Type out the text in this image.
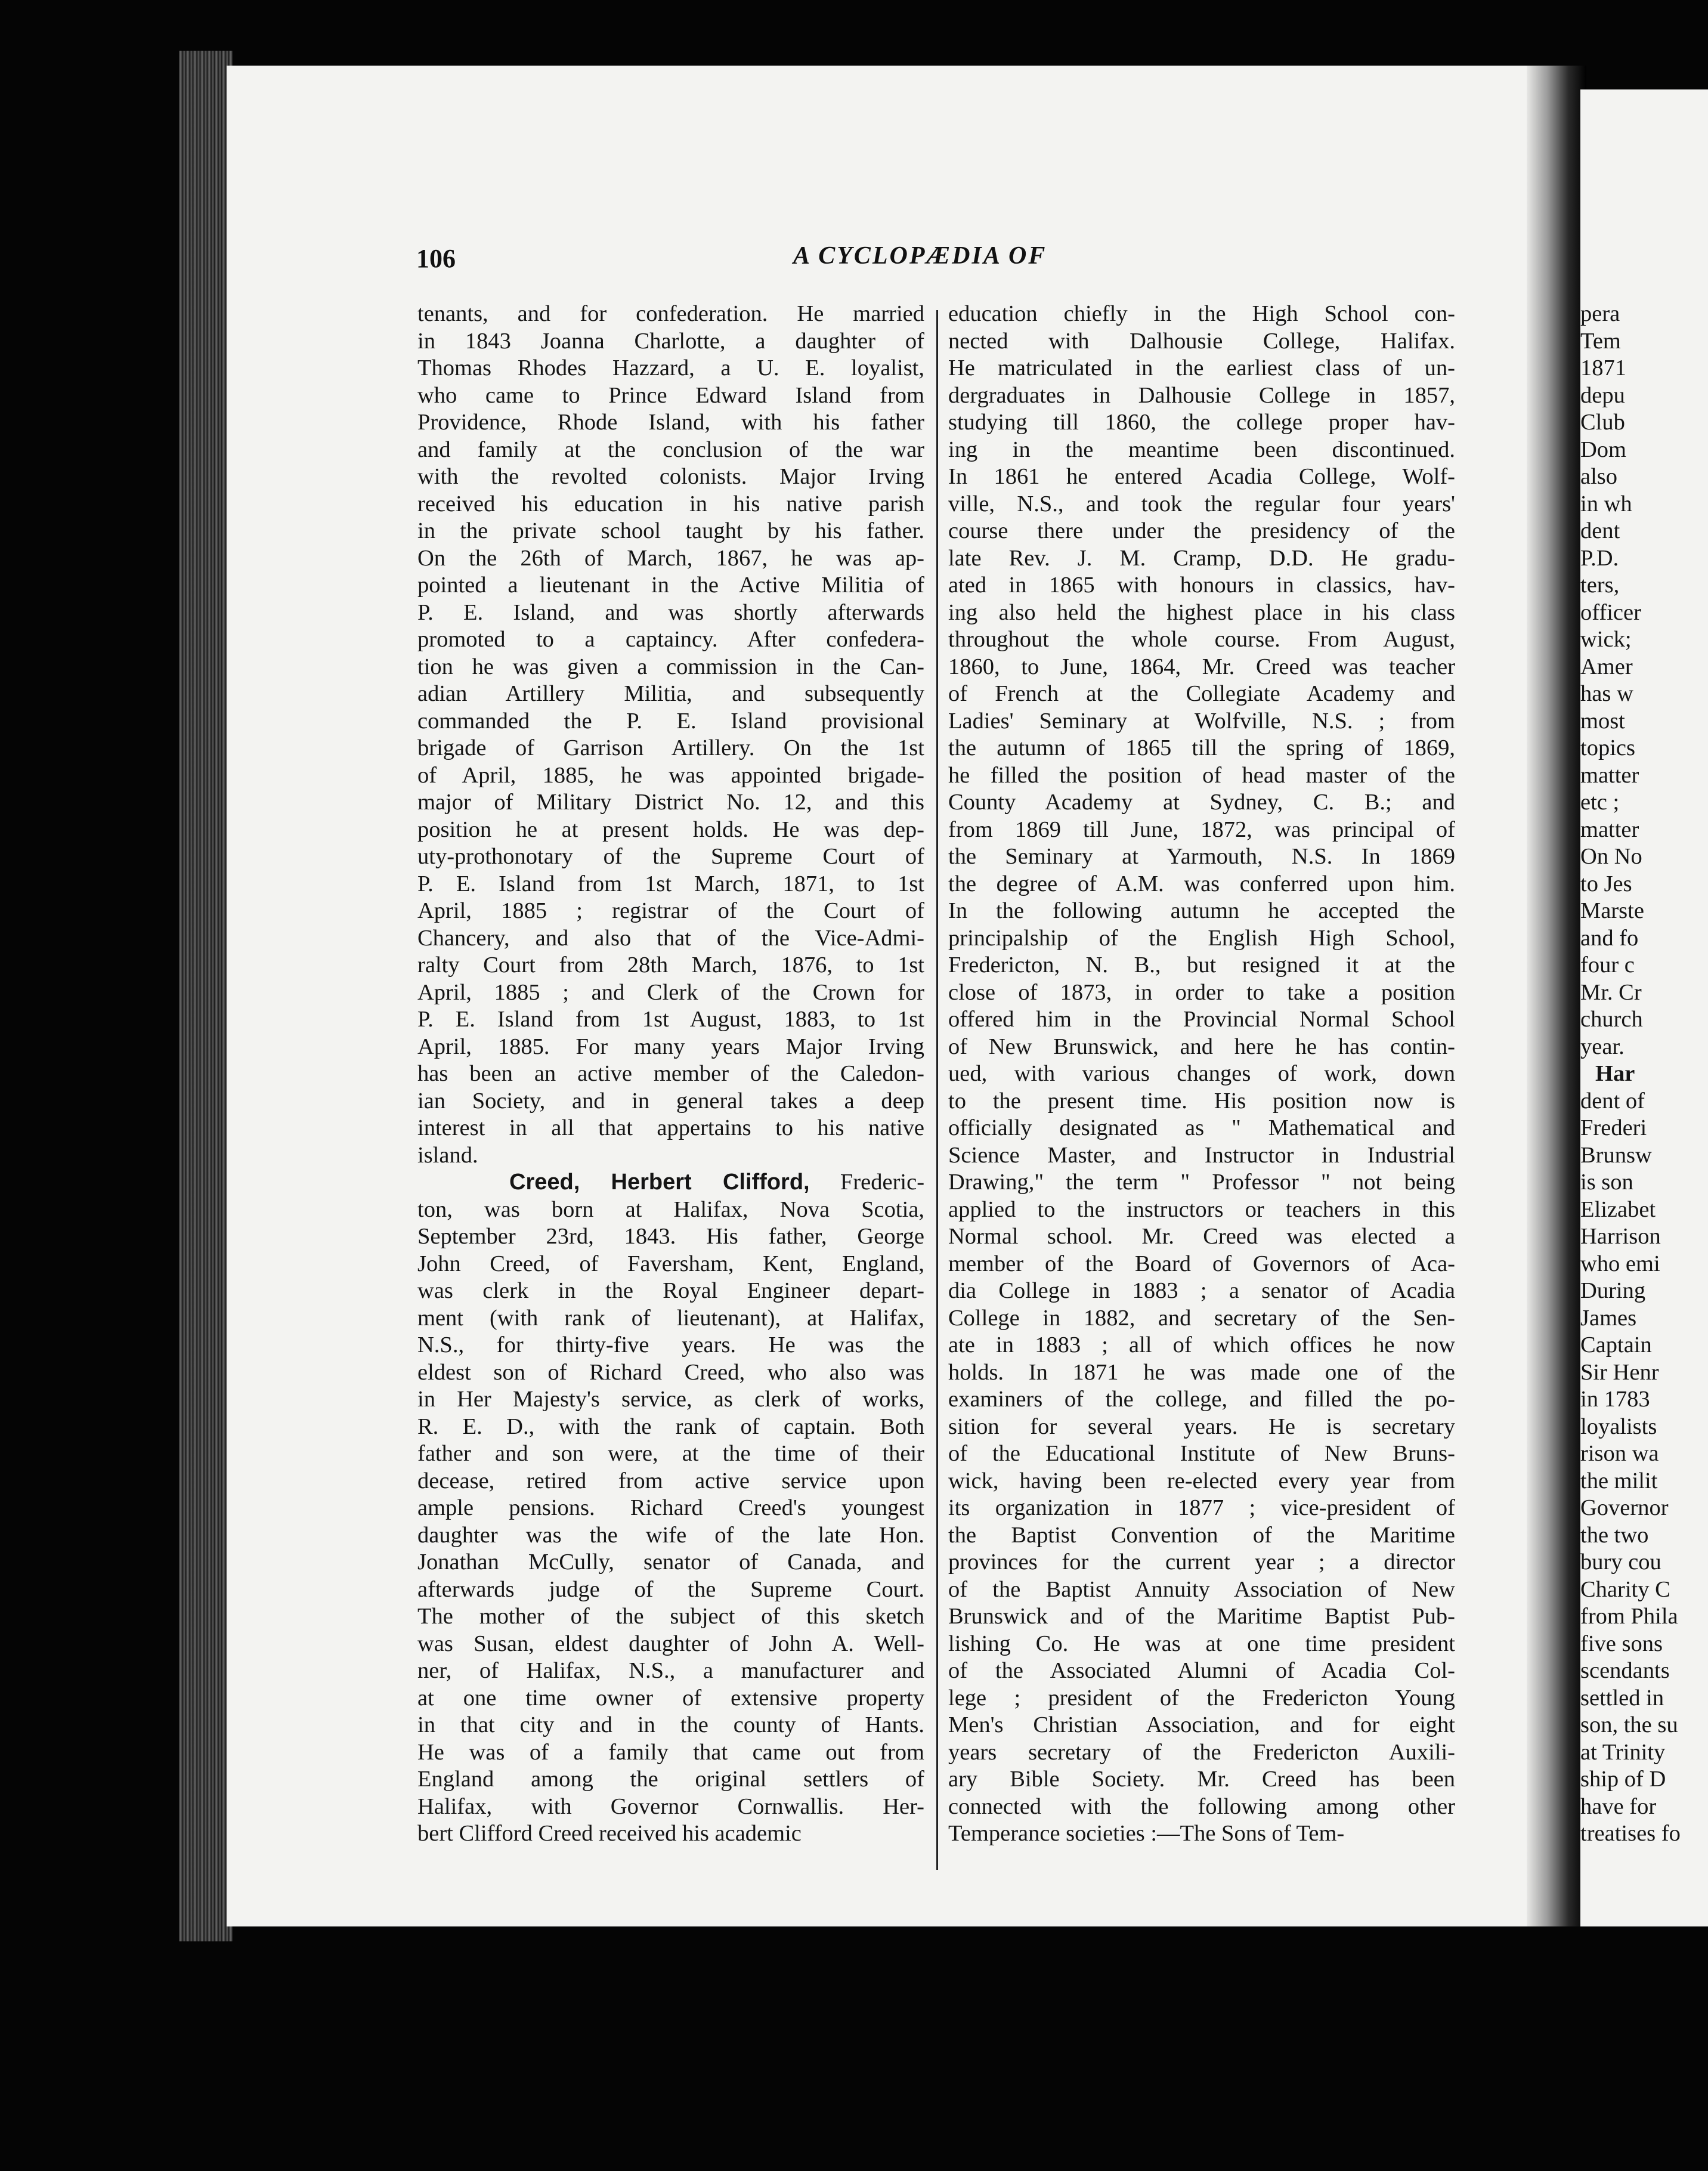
pera
Tem
1871
depu
Club
Dom
also
in wh
dent
P.D.
ters,
officer
wick;
Amer
has w
most
topics
matter
etc ;
matter
On No
to Jes
Marste
and fo
four c
Mr. Cr
church
year.
Har
dent of
Frederi
Brunsw
is son
Elizabet
Harrison
who emi
During
James
Captain
Sir Henr
in 1783
loyalists
rison wa
the milit
Governor
the two
bury cou
Charity C
from Phila
five sons
scendants
settled in
son, the su
at Trinity
ship of D
have for
treatises fo
106	A CYCLOPÆDIA OF
tenants, and for confederation. He married
in 1843 Joanna Charlotte, a daughter of
Thomas Rhodes Hazzard, a U. E. loyalist,
who came to Prince Edward Island from
Providence, Rhode Island, with his father
and family at the conclusion of the war
with the revolted colonists. Major Irving
received his education in his native parish
in the private school taught by his father.
On the 26th of March, 1867, he was ap-
pointed a lieutenant in the Active Militia of
P. E. Island, and was shortly afterwards
promoted to a captaincy. After confedera-
tion he was given a commission in the Can-
adian Artillery Militia, and subsequently
commanded the P. E. Island provisional
brigade of Garrison Artillery. On the 1st
of April, 1885, he was appointed brigade-
major of Military District No. 12, and this
position he at present holds. He was dep-
uty-prothonotary of the Supreme Court of
P. E. Island from 1st March, 1871, to 1st
April, 1885 ; registrar of the Court of
Chancery, and also that of the Vice-Admi-
ralty Court from 28th March, 1876, to 1st
April, 1885 ; and Clerk of the Crown for
P. E. Island from 1st August, 1883, to 1st
April, 1885. For many years Major Irving
has been an active member of the Caledon-
ian Society, and in general takes a deep
interest in all that appertains to his native
island.
Creed, Herbert Clifford, Frederic-
ton, was born at Halifax, Nova Scotia,
September 23rd, 1843. His father, George
John Creed, of Faversham, Kent, England,
was clerk in the Royal Engineer depart-
ment (with rank of lieutenant), at Halifax,
N.S., for thirty-five years. He was the
eldest son of Richard Creed, who also was
in Her Majesty's service, as clerk of works,
R. E. D., with the rank of captain. Both
father and son were, at the time of their
decease, retired from active service upon
ample pensions. Richard Creed's youngest
daughter was the wife of the late Hon.
Jonathan McCully, senator of Canada, and
afterwards judge of the Supreme Court.
The mother of the subject of this sketch
was Susan, eldest daughter of John A. Well-
ner, of Halifax, N.S., a manufacturer and
at one time owner of extensive property
in that city and in the county of Hants.
He was of a family that came out from
England among the original settlers of
Halifax, with Governor Cornwallis. Her-
bert Clifford Creed received his academic
education chiefly in the High School con-
nected with Dalhousie College, Halifax.
He matriculated in the earliest class of un-
dergraduates in Dalhousie College in 1857,
studying till 1860, the college proper hav-
ing in the meantime been discontinued.
In 1861 he entered Acadia College, Wolf-
ville, N.S., and took the regular four years'
course there under the presidency of the
late Rev. J. M. Cramp, D.D. He gradu-
ated in 1865 with honours in classics, hav-
ing also held the highest place in his class
throughout the whole course. From August,
1860, to June, 1864, Mr. Creed was teacher
of French at the Collegiate Academy and
Ladies' Seminary at Wolfville, N.S. ; from
the autumn of 1865 till the spring of 1869,
he filled the position of head master of the
County Academy at Sydney, C. B.; and
from 1869 till June, 1872, was principal of
the Seminary at Yarmouth, N.S. In 1869
the degree of A.M. was conferred upon him.
In the following autumn he accepted the
principalship of the English High School,
Fredericton, N. B., but resigned it at the
close of 1873, in order to take a position
offered him in the Provincial Normal School
of New Brunswick, and here he has contin-
ued, with various changes of work, down
to the present time. His position now is
officially designated as " Mathematical and
Science Master, and Instructor in Industrial
Drawing," the term " Professor " not being
applied to the instructors or teachers in this
Normal school. Mr. Creed was elected a
member of the Board of Governors of Aca-
dia College in 1883 ; a senator of Acadia
College in 1882, and secretary of the Sen-
ate in 1883 ; all of which offices he now
holds. In 1871 he was made one of the
examiners of the college, and filled the po-
sition for several years. He is secretary
of the Educational Institute of New Bruns-
wick, having been re-elected every year from
its organization in 1877 ; vice-president of
the Baptist Convention of the Maritime
provinces for the current year ; a director
of the Baptist Annuity Association of New
Brunswick and of the Maritime Baptist Pub-
lishing Co. He was at one time president
of the Associated Alumni of Acadia Col-
lege ; president of the Fredericton Young
Men's Christian Association, and for eight
years secretary of the Fredericton Auxili-
ary Bible Society. Mr. Creed has been
connected with the following among other
Temperance societies :—The Sons of Tem-
